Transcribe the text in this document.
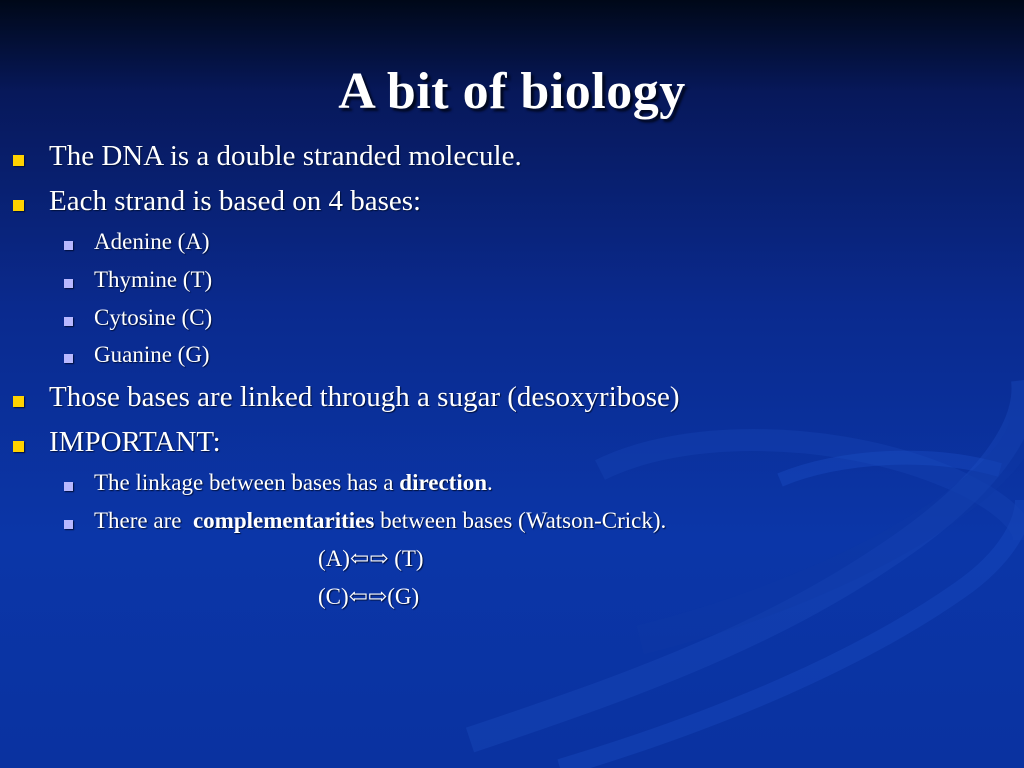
A bit of biology
The DNA is a double stranded molecule.
Each strand is based on 4 bases:
Adenine (A)
Thymine (T)
Cytosine (C)
Guanine (G)
Those bases are linked through a sugar (desoxyribose)
IMPORTANT:
The linkage between bases has a direction.
There are  complementarities between bases (Watson-Crick).
(A)⇦⇨ (T)
(C)⇦⇨(G)
